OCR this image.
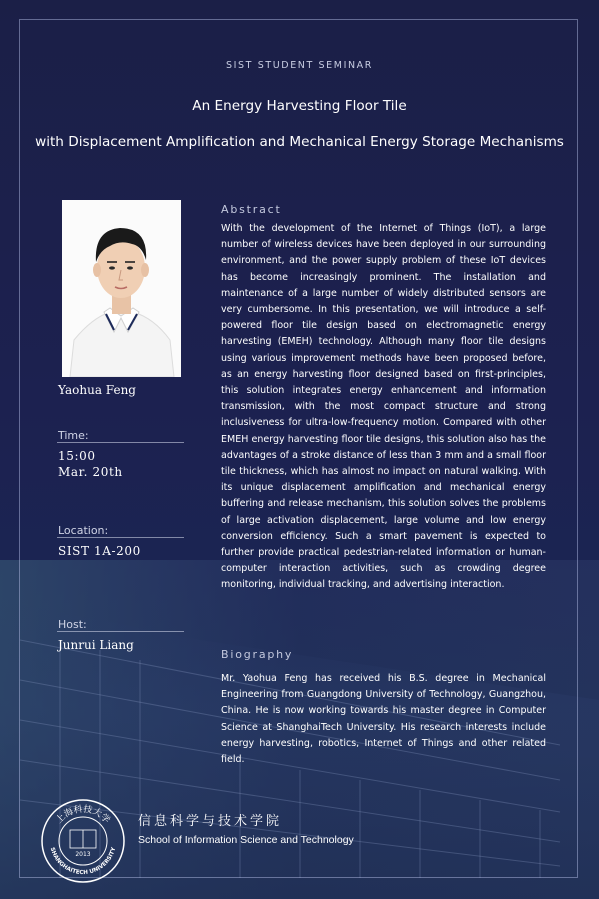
SIST STUDENT SEMINAR
An Energy Harvesting Floor Tile
with Displacement Amplification and Mechanical Energy Storage Mechanisms
Yaohua Feng
Time:
15:00
Mar. 20th
Location:
SIST 1A-200
Host:
Junrui Liang
Abstract
With the development of the Internet of Things (IoT), a large number of wireless devices have been deployed in our surrounding environment, and the power supply problem of these IoT devices has become increasingly prominent. The installation and maintenance of a large number of widely distributed sensors are very cumbersome. In this presentation, we will introduce a self-powered floor tile design based on electromagnetic energy harvesting (EMEH) technology. Although many floor tile designs using various improvement methods have been proposed before, as an energy harvesting floor designed based on first-principles, this solution integrates energy enhancement and information transmission, with the most compact structure and strong inclusiveness for ultra-low-frequency motion. Compared with other EMEH energy harvesting floor tile designs, this solution also has the advantages of a stroke distance of less than 3 mm and a small floor tile thickness, which has almost no impact on natural walking. With its unique displacement amplification and mechanical energy buffering and release mechanism, this solution solves the problems of large activation displacement, large volume and low energy conversion efficiency. Such a smart pavement is expected to further provide practical pedestrian-related information or human-computer interaction activities, such as crowding degree monitoring, individual tracking, and advertising interaction.
Biography
Mr. Yaohua Feng has received his B.S. degree in Mechanical Engineering from Guangdong University of Technology, Guangzhou, China. He is now working towards his master degree in Computer Science at ShanghaiTech University. His research interests include energy harvesting, robotics, Internet of Things and other related field.
上海科技大学
SHANGHAITECH UNIVERSITY
2013
信息科学与技术学院
School of Information Science and Technology
